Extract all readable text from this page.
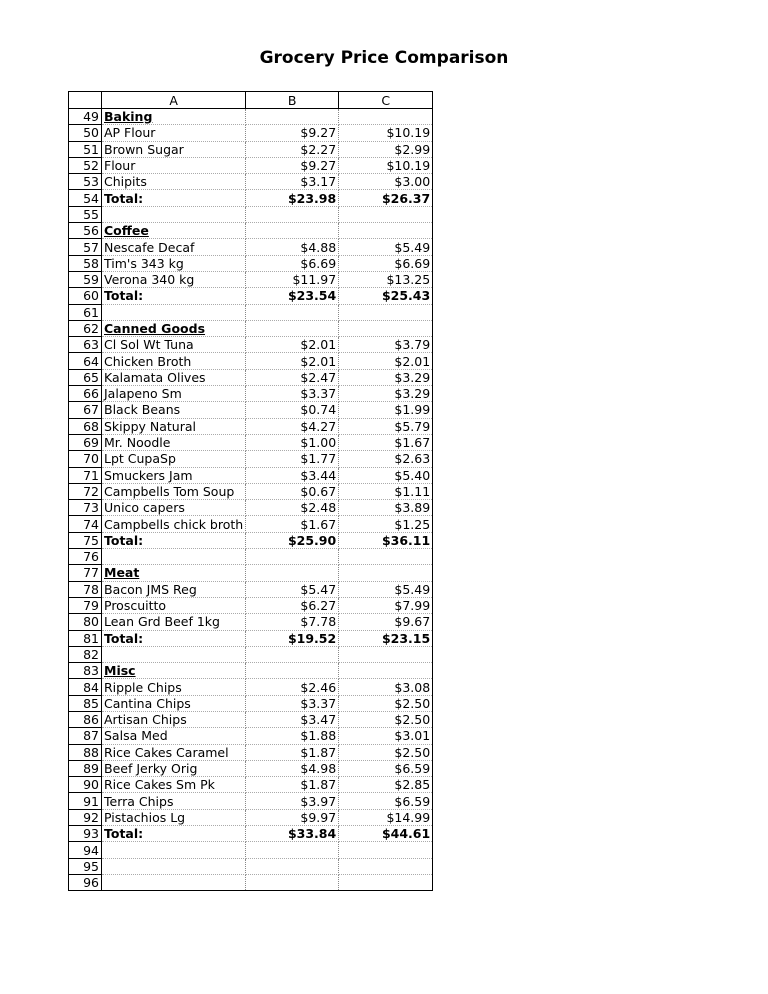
Grocery Price Comparison
	A	B	C
49	Baking		
50	AP Flour	$9.27	$10.19
51	Brown Sugar	$2.27	$2.99
52	Flour	$9.27	$10.19
53	Chipits	$3.17	$3.00
54	Total:	$23.98	$26.37
55			
56	Coffee		
57	Nescafe Decaf	$4.88	$5.49
58	Tim's 343 kg	$6.69	$6.69
59	Verona 340 kg	$11.97	$13.25
60	Total:	$23.54	$25.43
61			
62	Canned Goods		
63	Cl Sol Wt Tuna	$2.01	$3.79
64	Chicken Broth	$2.01	$2.01
65	Kalamata Olives	$2.47	$3.29
66	Jalapeno Sm	$3.37	$3.29
67	Black Beans	$0.74	$1.99
68	Skippy Natural	$4.27	$5.79
69	Mr. Noodle	$1.00	$1.67
70	Lpt CupaSp	$1.77	$2.63
71	Smuckers Jam	$3.44	$5.40
72	Campbells Tom Soup	$0.67	$1.11
73	Unico capers	$2.48	$3.89
74	Campbells chick broth	$1.67	$1.25
75	Total:	$25.90	$36.11
76			
77	Meat		
78	Bacon JMS Reg	$5.47	$5.49
79	Proscuitto	$6.27	$7.99
80	Lean Grd Beef 1kg	$7.78	$9.67
81	Total:	$19.52	$23.15
82			
83	Misc		
84	Ripple Chips	$2.46	$3.08
85	Cantina Chips	$3.37	$2.50
86	Artisan Chips	$3.47	$2.50
87	Salsa Med	$1.88	$3.01
88	Rice Cakes Caramel	$1.87	$2.50
89	Beef Jerky Orig	$4.98	$6.59
90	Rice Cakes Sm Pk	$1.87	$2.85
91	Terra Chips	$3.97	$6.59
92	Pistachios Lg	$9.97	$14.99
93	Total:	$33.84	$44.61
94			
95			
96			
